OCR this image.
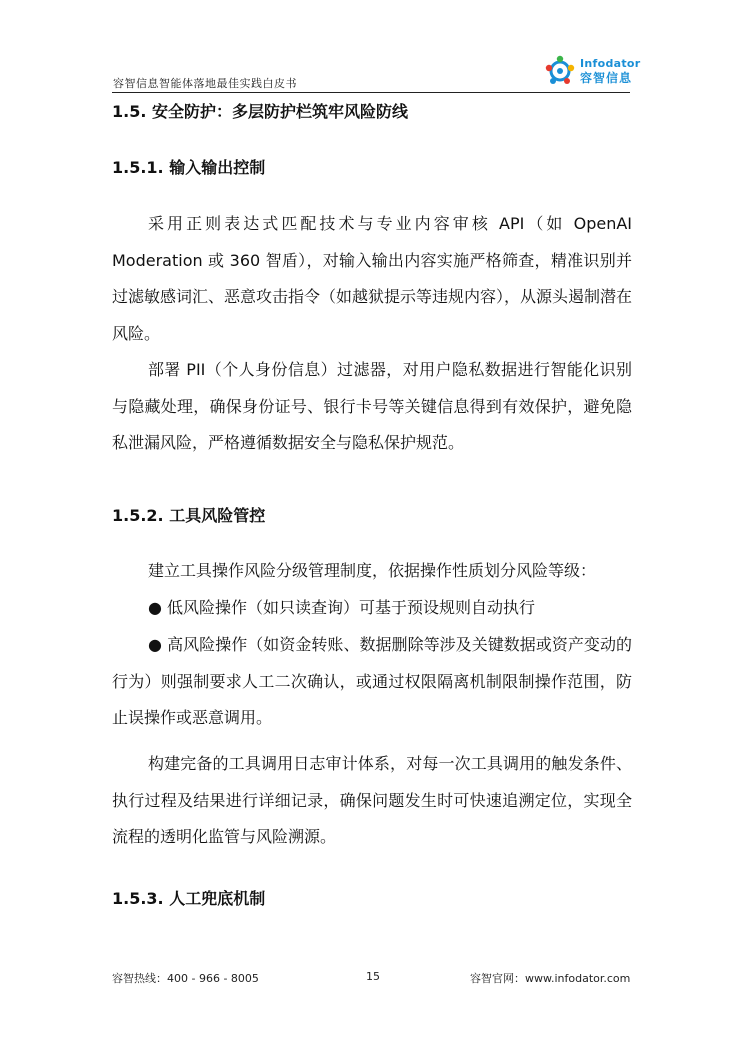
容智信息智能体落地最佳实践白皮书
Infodator
容智信息
1.5. 安全防护：多层防护栏筑牢风险防线
1.5.1. 输入输出控制

采用正则表达式匹配技术与专业内容审核 API（如 OpenAI Moderation 或 360 智盾），对输入输出内容实施严格筛查，精准识别并过滤敏感词汇、恶意攻击指令（如越狱提示等违规内容），从源头遏制潜在风险。

部署 PII（个人身份信息）过滤器，对用户隐私数据进行智能化识别与隐藏处理，确保身份证号、银行卡号等关键信息得到有效保护，避免隐私泄漏风险，严格遵循数据安全与隐私保护规范。

1.5.2. 工具风险管控

建立工具操作风险分级管理制度，依据操作性质划分风险等级：

● 低风险操作（如只读查询）可基于预设规则自动执行

● 高风险操作（如资金转账、数据删除等涉及关键数据或资产变动的行为）则强制要求人工二次确认，或通过权限隔离机制限制操作范围，防止误操作或恶意调用。

构建完备的工具调用日志审计体系，对每一次工具调用的触发条件、执行过程及结果进行详细记录，确保问题发生时可快速追溯定位，实现全流程的透明化监管与风险溯源。

1.5.3. 人工兜底机制
容智热线：400 - 966 - 8005	15	容智官网：www.infodator.com
